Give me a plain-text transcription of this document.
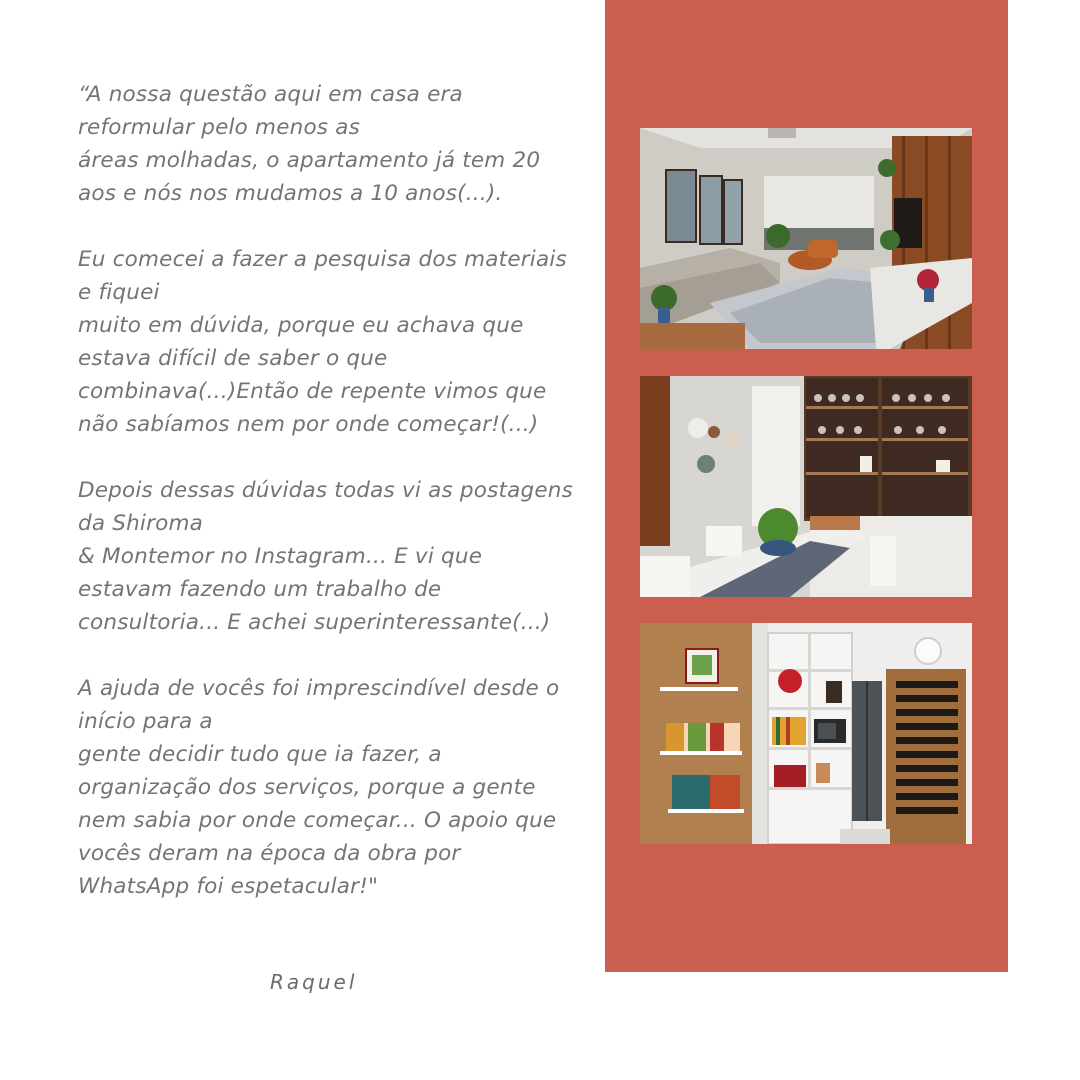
“A nossa questão aqui em casa era
reformular pelo menos as
áreas molhadas, o apartamento já tem 20
aos e nós nos mudamos a 10 anos(...).

Eu comecei a fazer a pesquisa dos materiais
e fiquei
muito em dúvida, porque eu achava que
estava difícil de saber o que
combinava(...)Então de repente vimos que
não sabíamos nem por onde começar!(...)

Depois dessas dúvidas todas vi as postagens
da Shiroma
& Montemor no Instagram... E vi que
estavam fazendo um trabalho de
consultoria... E achei superinteressante(...)

A ajuda de vocês foi imprescindível desde o
início para a
gente decidir tudo que ia fazer, a
organização dos serviços, porque a gente
nem sabia por onde começar... O apoio que
vocês deram na época da obra por
WhatsApp foi espetacular!"

Raquel
